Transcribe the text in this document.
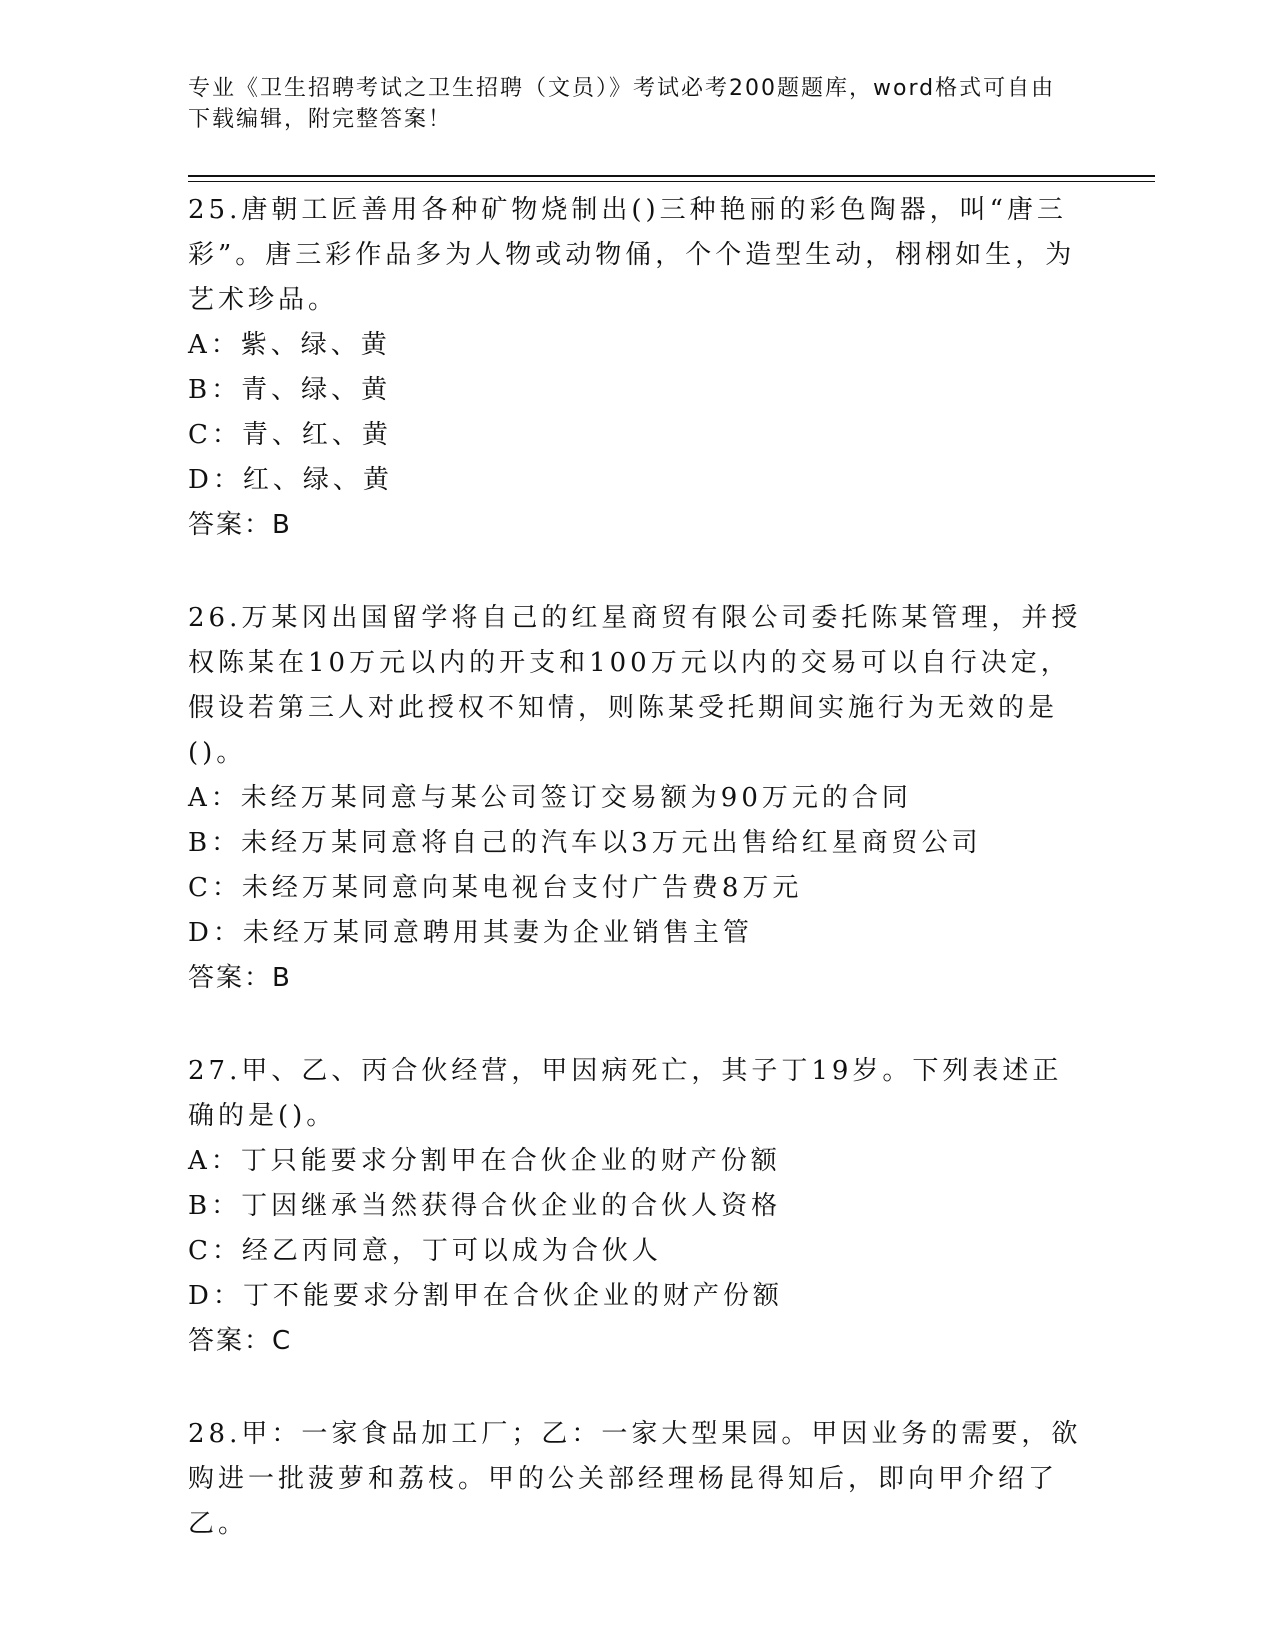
专业《卫生招聘考试之卫生招聘（文员）》考试必考200题题库，word格式可自由下载编辑，附完整答案！

25.唐朝工匠善用各种矿物烧制出()三种艳丽的彩色陶器，叫“唐三彩”。唐三彩作品多为人物或动物俑，个个造型生动，栩栩如生，为艺术珍品。

A：紫、绿、黄

B：青、绿、黄

C：青、红、黄

D：红、绿、黄

答案：B

26.万某冈出国留学将自己的红星商贸有限公司委托陈某管理，并授权陈某在10万元以内的开支和100万元以内的交易可以自行决定，假设若第三人对此授权不知情，则陈某受托期间实施行为无效的是()。

A：未经万某同意与某公司签订交易额为90万元的合同

B：未经万某同意将自己的汽车以3万元出售给红星商贸公司

C：未经万某同意向某电视台支付广告费8万元

D：未经万某同意聘用其妻为企业销售主管

答案：B

27.甲、乙、丙合伙经营，甲因病死亡，其子丁19岁。下列表述正确的是()。

A：丁只能要求分割甲在合伙企业的财产份额

B：丁因继承当然获得合伙企业的合伙人资格

C：经乙丙同意，丁可以成为合伙人

D：丁不能要求分割甲在合伙企业的财产份额

答案：C

28.甲：一家食品加工厂；乙：一家大型果园。甲因业务的需要，欲购进一批菠萝和荔枝。甲的公关部经理杨昆得知后，即向甲介绍了乙。
